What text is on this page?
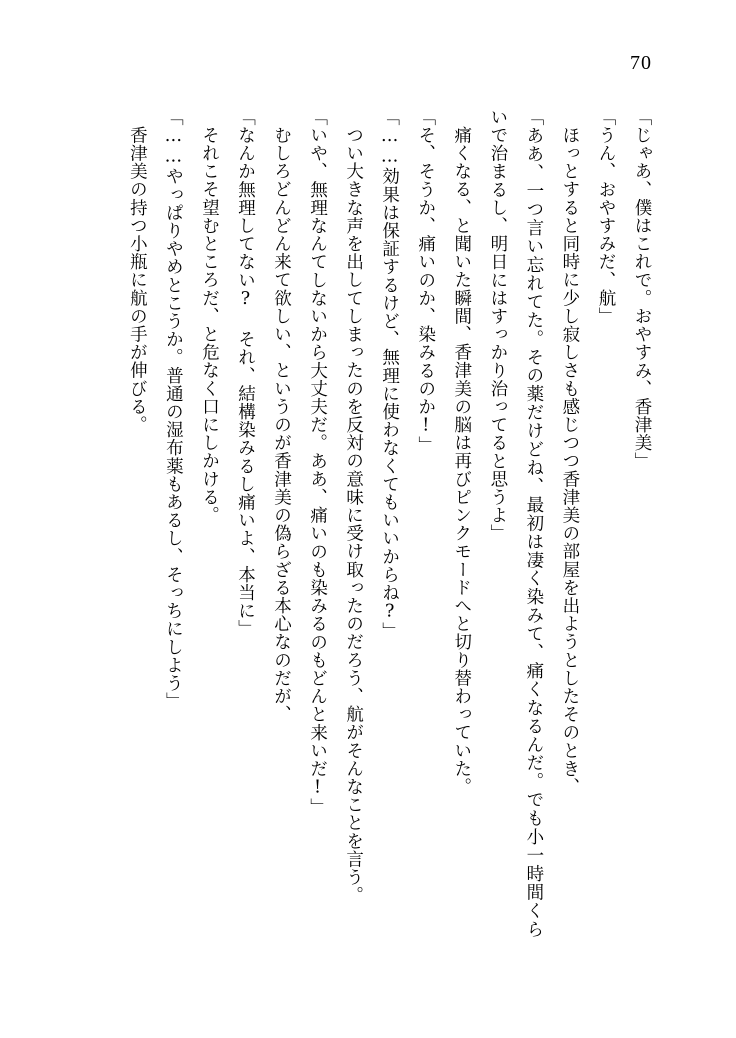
70

「じゃあ、僕はこれで。おやすみ、香津美」

「うん、おやすみだ、航」

ほっとすると同時に少し寂しさも感じつつ香津美の部屋を出ようとしたそのとき、

「ああ、一つ言い忘れてた。その薬だけどね、最初は凄く染みて、痛くなるんだ。でも小一時間くらいで治まるし、明日にはすっかり治ってると思うよ」

痛くなる、と聞いた瞬間、香津美の脳は再びピンクモードへと切り替わっていた。

「そ、そうか、痛いのか、染みるのか!」

「……効果は保証するけど、無理に使わなくてもいいからね?」

つい大きな声を出してしまったのを反対の意味に受け取ったのだろう、航がそんなことを言う。

「いや、無理なんてしないから大丈夫だ。ああ、痛いのも染みるのもどんと来いだ!」

むしろどんどん来て欲しい、というのが香津美の偽らざる本心なのだが、

「なんか無理してない? それ、結構染みるし痛いよ、本当に」

それこそ望むところだ、と危なく口にしかける。

「……やっぱりやめとこうか。普通の湿布薬もあるし、そっちにしよう」

香津美の持つ小瓶に航の手が伸びる。
